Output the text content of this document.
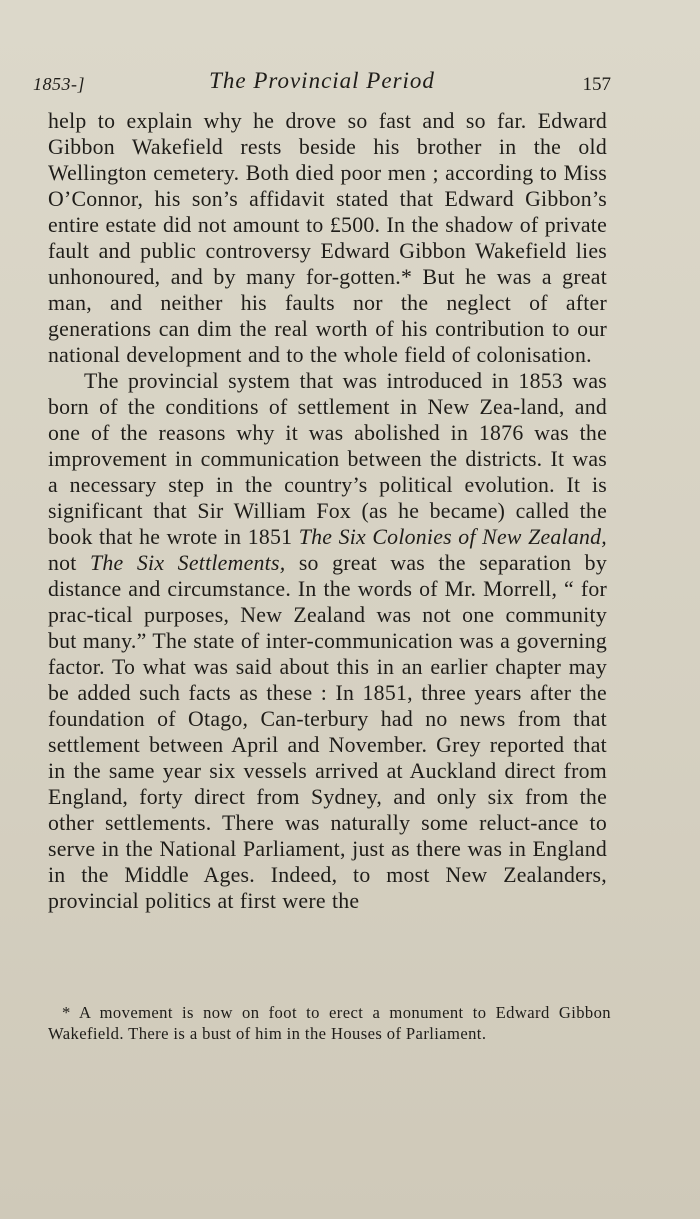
1853-]	The Provincial Period	157

help to explain why he drove so fast and so far. Edward Gibbon Wakefield rests beside his brother in the old Wellington cemetery. Both died poor men ; according to Miss O’Connor, his son’s affidavit stated that Edward Gibbon’s entire estate did not amount to £500. In the shadow of private fault and public controversy Edward Gibbon Wakefield lies unhonoured, and by many for-gotten.* But he was a great man, and neither his faults nor the neglect of after generations can dim the real worth of his contribution to our national development and to the whole field of colonisation.

The provincial system that was introduced in 1853 was born of the conditions of settlement in New Zea-land, and one of the reasons why it was abolished in 1876 was the improvement in communication between the districts. It was a necessary step in the country’s political evolution. It is significant that Sir William Fox (as he became) called the book that he wrote in 1851 The Six Colonies of New Zealand, not The Six Settlements, so great was the separation by distance and circumstance. In the words of Mr. Morrell, “ for prac-tical purposes, New Zealand was not one community but many.” The state of inter-communication was a governing factor. To what was said about this in an earlier chapter may be added such facts as these : In 1851, three years after the foundation of Otago, Can-terbury had no news from that settlement between April and November. Grey reported that in the same year six vessels arrived at Auckland direct from England, forty direct from Sydney, and only six from the other settlements. There was naturally some reluct-ance to serve in the National Parliament, just as there was in England in the Middle Ages. Indeed, to most New Zealanders, provincial politics at first were the

* A movement is now on foot to erect a monument to Edward Gibbon Wakefield. There is a bust of him in the Houses of Parliament.
